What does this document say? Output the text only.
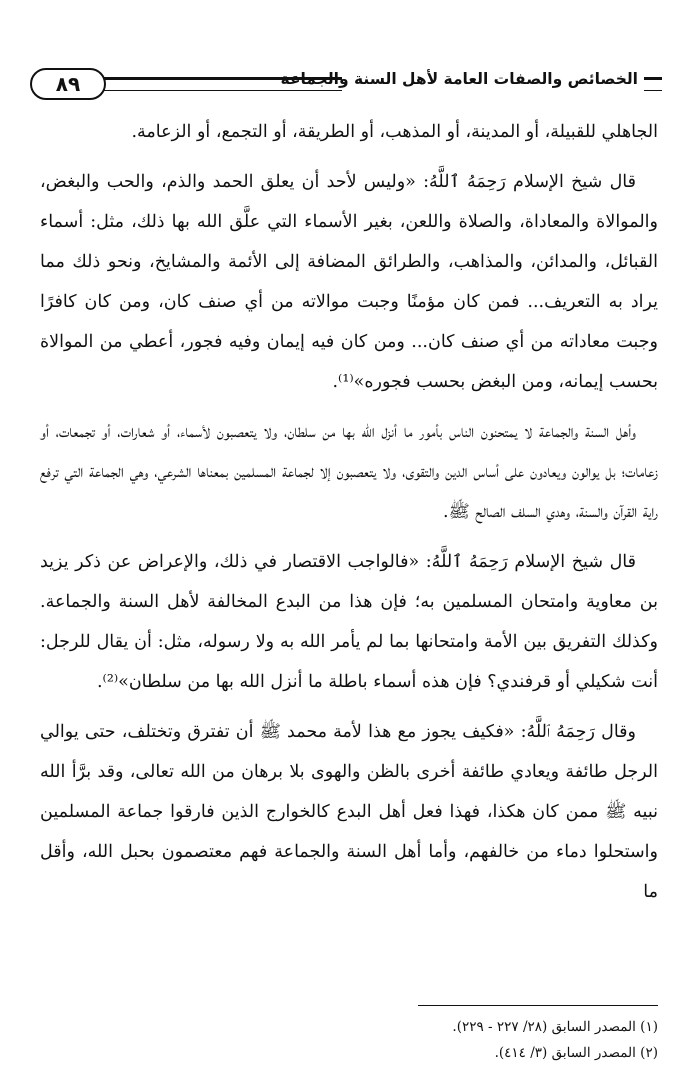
٨٩	الخصائص والصفات العامة لأهل السنة والجماعة

الجاهلي للقبيلة، أو المدينة، أو المذهب، أو الطريقة، أو التجمع، أو الزعامة.

قال شيخ الإسلام رَحِمَهُ ٱللَّهُ: «وليس لأحد أن يعلق الحمد والذم، والحب والبغض، والموالاة والمعاداة، والصلاة واللعن، بغير الأسماء التي علَّق الله بها ذلك، مثل: أسماء القبائل، والمدائن، والمذاهب، والطرائق المضافة إلى الأئمة والمشايخ، ونحو ذلك مما يراد به التعريف... فمن كان مؤمنًا وجبت موالاته من أي صنف كان، ومن كان كافرًا وجبت معاداته من أي صنف كان... ومن كان فيه إيمان وفيه فجور، أعطي من الموالاة بحسب إيمانه، ومن البغض بحسب فجوره»⁽¹⁾.

وأهل السنة والجماعة لا يمتحنون الناس بأمور ما أنزل الله بها من سلطان، ولا يتعصبون لأسماء، أو شعارات، أو تجمعات، أو زعامات؛ بل يوالون ويعادون على أساس الدين والتقوى، ولا يتعصبون إلا لجماعة المسلمين بمعناها الشرعي، وهي الجماعة التي ترفع راية القرآن والسنة، وهدي السلف الصالح ﷺ.

قال شيخ الإسلام رَحِمَهُ ٱللَّهُ: «فالواجب الاقتصار في ذلك، والإعراض عن ذكر يزيد بن معاوية وامتحان المسلمين به؛ فإن هذا من البدع المخالفة لأهل السنة والجماعة. وكذلك التفريق بين الأمة وامتحانها بما لم يأمر الله به ولا رسوله، مثل: أن يقال للرجل: أنت شكيلي أو قرفندي؟ فإن هذه أسماء باطلة ما أنزل الله بها من سلطان»⁽²⁾.

وقال رَحِمَهُ ٱللَّهُ: «فكيف يجوز مع هذا لأمة محمد ﷺ أن تفترق وتختلف، حتى يوالي الرجل طائفة ويعادي طائفة أخرى بالظن والهوى بلا برهان من الله تعالى، وقد برَّأ الله نبيه ﷺ ممن كان هكذا، فهذا فعل أهل البدع كالخوارج الذين فارقوا جماعة المسلمين واستحلوا دماء من خالفهم، وأما أهل السنة والجماعة فهم معتصمون بحبل الله، وأقل ما

(١) المصدر السابق (٢٨/ ٢٢٧ - ٢٢٩).

(٢) المصدر السابق (٣/ ٤١٤).
